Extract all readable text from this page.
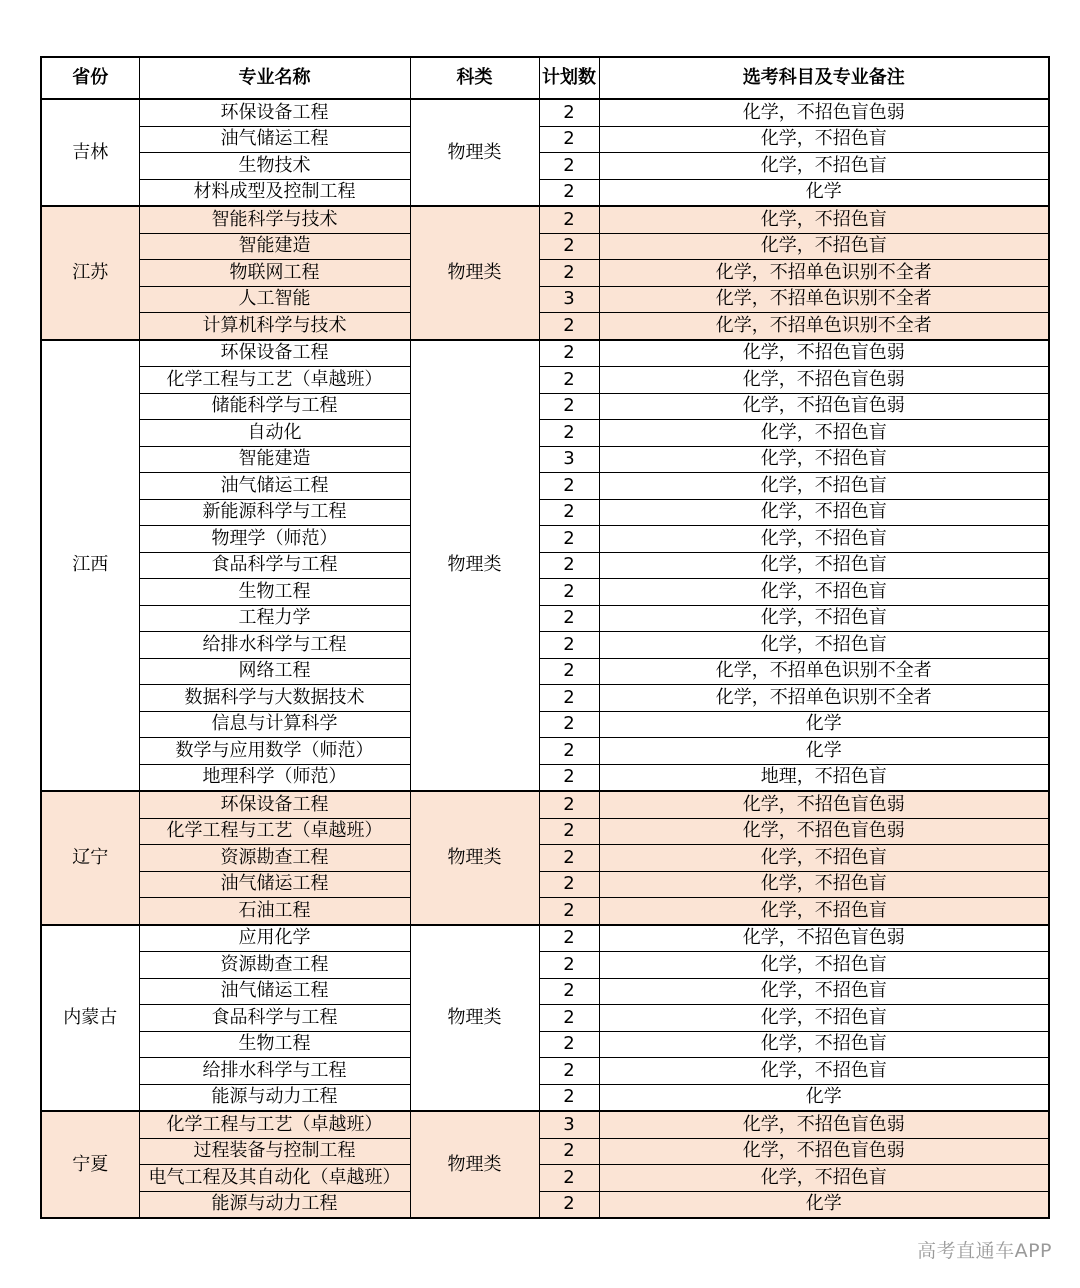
省份	专业名称	科类	计划数	选考科目及专业备注
吉林	环保设备工程	物理类	2	化学，不招色盲色弱
	油气储运工程		2	化学，不招色盲
	生物技术		2	化学，不招色盲
	材料成型及控制工程		2	化学
江苏	智能科学与技术	物理类	2	化学，不招色盲
	智能建造		2	化学，不招色盲
	物联网工程		2	化学，不招单色识别不全者
	人工智能		3	化学，不招单色识别不全者
	计算机科学与技术		2	化学，不招单色识别不全者
江西	环保设备工程	物理类	2	化学，不招色盲色弱
	化学工程与工艺（卓越班）		2	化学，不招色盲色弱
	储能科学与工程		2	化学，不招色盲色弱
	自动化		2	化学，不招色盲
	智能建造		3	化学，不招色盲
	油气储运工程		2	化学，不招色盲
	新能源科学与工程		2	化学，不招色盲
	物理学（师范）		2	化学，不招色盲
	食品科学与工程		2	化学，不招色盲
	生物工程		2	化学，不招色盲
	工程力学		2	化学，不招色盲
	给排水科学与工程		2	化学，不招色盲
	网络工程		2	化学，不招单色识别不全者
	数据科学与大数据技术		2	化学，不招单色识别不全者
	信息与计算科学		2	化学
	数学与应用数学（师范）		2	化学
	地理科学（师范）		2	地理，不招色盲
辽宁	环保设备工程	物理类	2	化学，不招色盲色弱
	化学工程与工艺（卓越班）		2	化学，不招色盲色弱
	资源勘查工程		2	化学，不招色盲
	油气储运工程		2	化学，不招色盲
	石油工程		2	化学，不招色盲
内蒙古	应用化学	物理类	2	化学，不招色盲色弱
	资源勘查工程		2	化学，不招色盲
	油气储运工程		2	化学，不招色盲
	食品科学与工程		2	化学，不招色盲
	生物工程		2	化学，不招色盲
	给排水科学与工程		2	化学，不招色盲
	能源与动力工程		2	化学
宁夏	化学工程与工艺（卓越班）	物理类	3	化学，不招色盲色弱
	过程装备与控制工程		2	化学，不招色盲色弱
	电气工程及其自动化（卓越班）		2	化学，不招色盲
	能源与动力工程		2	化学
高考直通车APP
